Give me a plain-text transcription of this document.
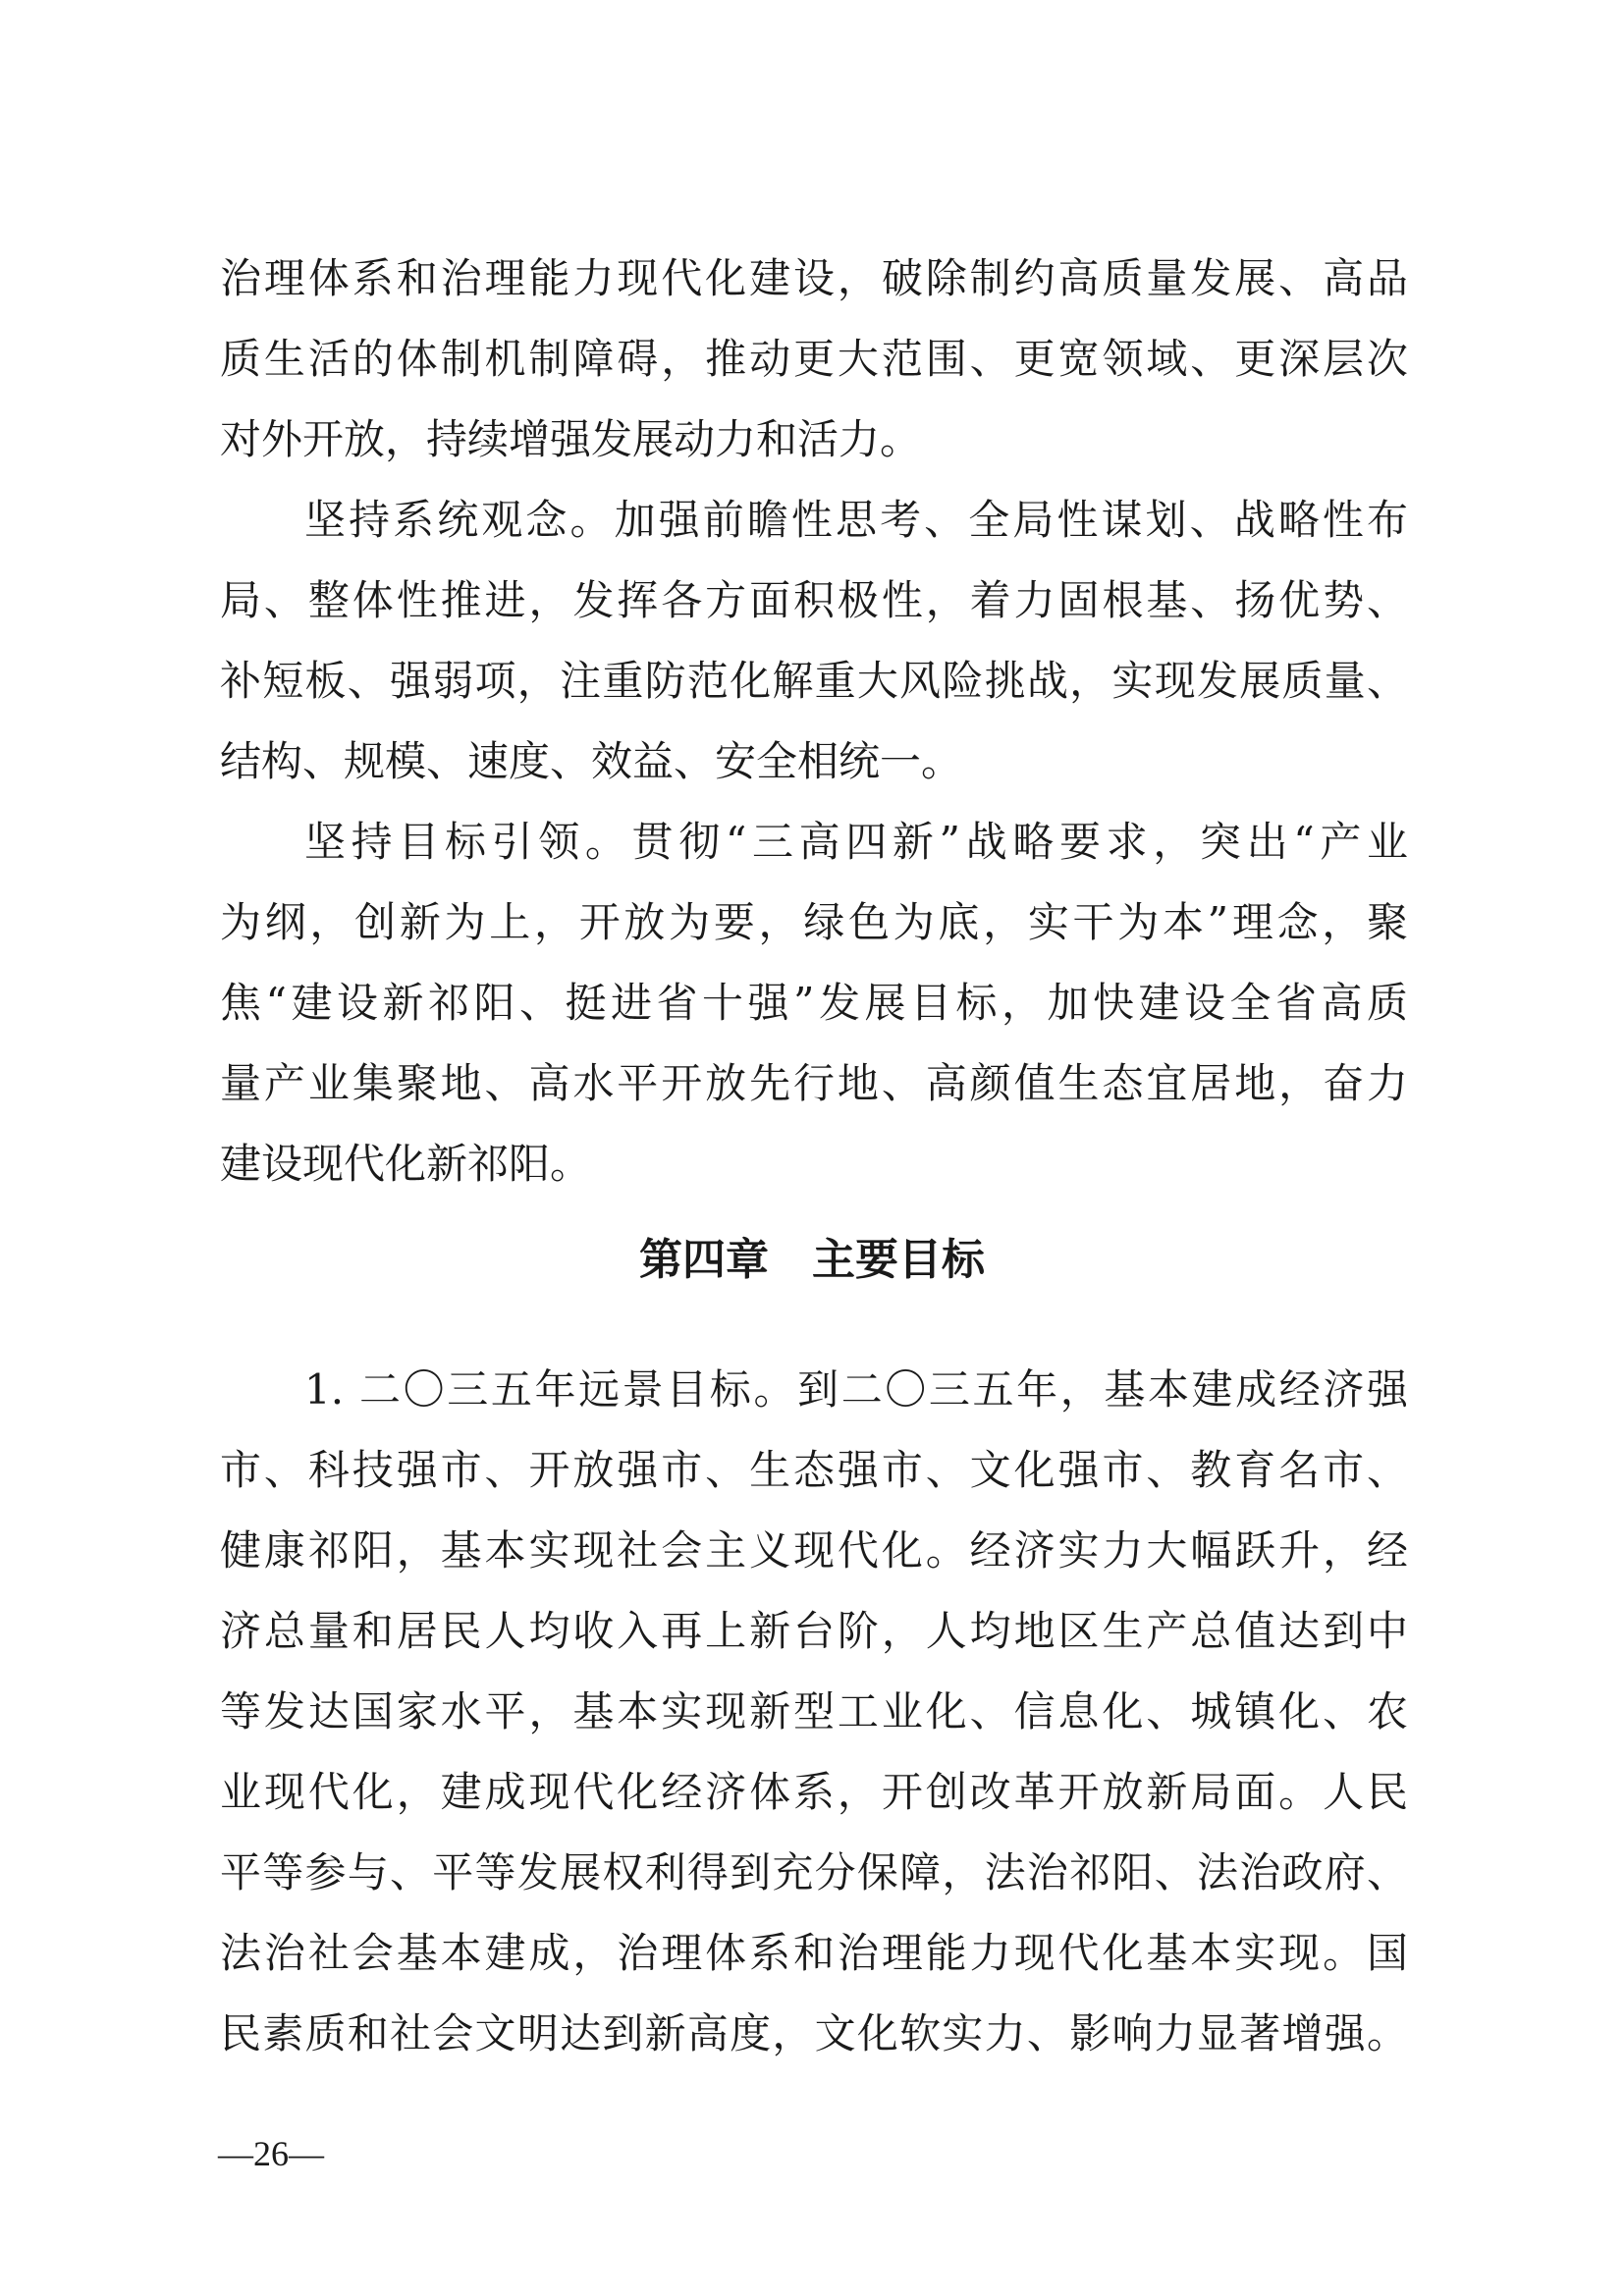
治理体系和治理能力现代化建设，破除制约高质量发展、高品
质生活的体制机制障碍，推动更大范围、更宽领域、更深层次
对外开放，持续增强发展动力和活力。
坚持系统观念。加强前瞻性思考、全局性谋划、战略性布
局、整体性推进，发挥各方面积极性，着力固根基、扬优势、
补短板、强弱项，注重防范化解重大风险挑战，实现发展质量、
结构、规模、速度、效益、安全相统一。
坚持目标引领。贯彻“三高四新”战略要求，突出“产业
为纲，创新为上，开放为要，绿色为底，实干为本”理念，聚
焦“建设新祁阳、挺进省十强”发展目标，加快建设全省高质
量产业集聚地、高水平开放先行地、高颜值生态宜居地，奋力
建设现代化新祁阳。
第四章 主要目标
1. 二〇三五年远景目标。到二〇三五年，基本建成经济强
市、科技强市、开放强市、生态强市、文化强市、教育名市、
健康祁阳，基本实现社会主义现代化。经济实力大幅跃升，经
济总量和居民人均收入再上新台阶，人均地区生产总值达到中
等发达国家水平，基本实现新型工业化、信息化、城镇化、农
业现代化，建成现代化经济体系，开创改革开放新局面。人民
平等参与、平等发展权利得到充分保障，法治祁阳、法治政府、
法治社会基本建成，治理体系和治理能力现代化基本实现。国
民素质和社会文明达到新高度，文化软实力、影响力显著增强。
—26—
